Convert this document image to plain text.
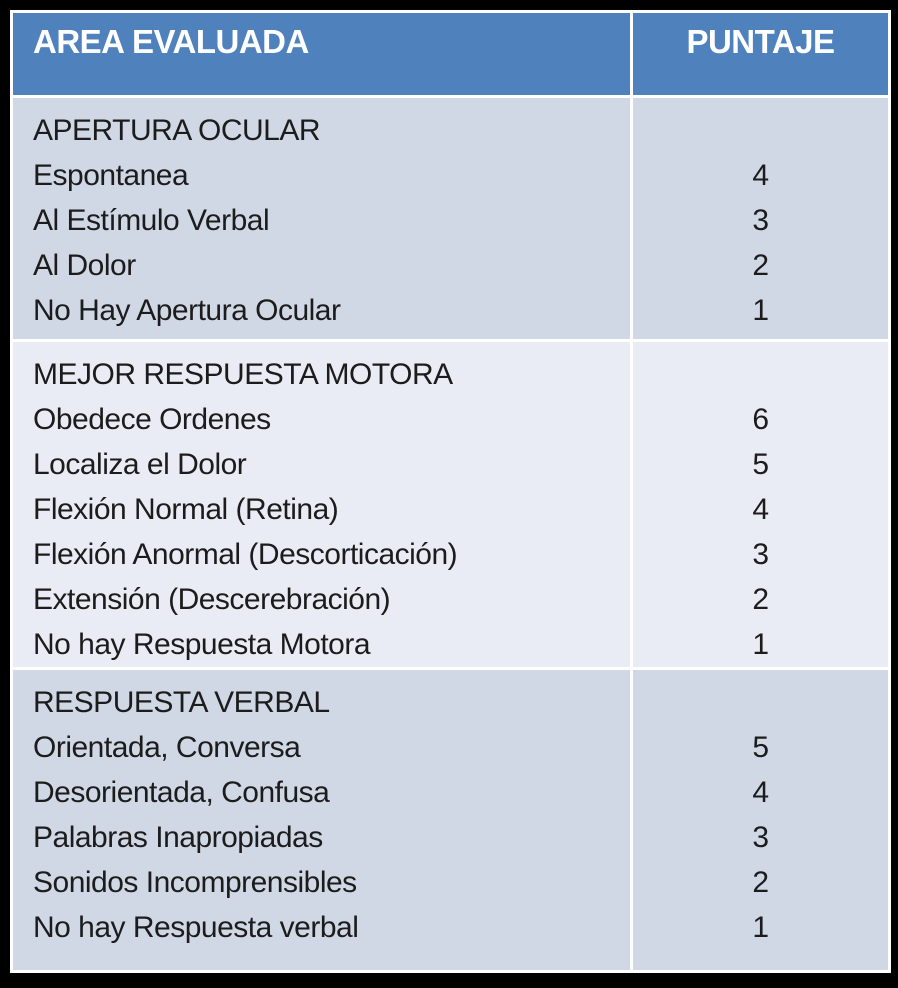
AREA EVALUADA	PUNTAJE
APERTURA OCULAR
Espontanea
Al Estímulo Verbal
Al Dolor
No Hay Apertura Ocular
4
3
2
1
MEJOR RESPUESTA MOTORA
Obedece Ordenes
Localiza el Dolor
Flexión Normal (Retina)
Flexión Anormal (Descorticación)
Extensión (Descerebración)
No hay Respuesta Motora
6
5
4
3
2
1
RESPUESTA VERBAL
Orientada, Conversa
Desorientada, Confusa
Palabras Inapropiadas
Sonidos Incomprensibles
No hay Respuesta verbal
5
4
3
2
1
